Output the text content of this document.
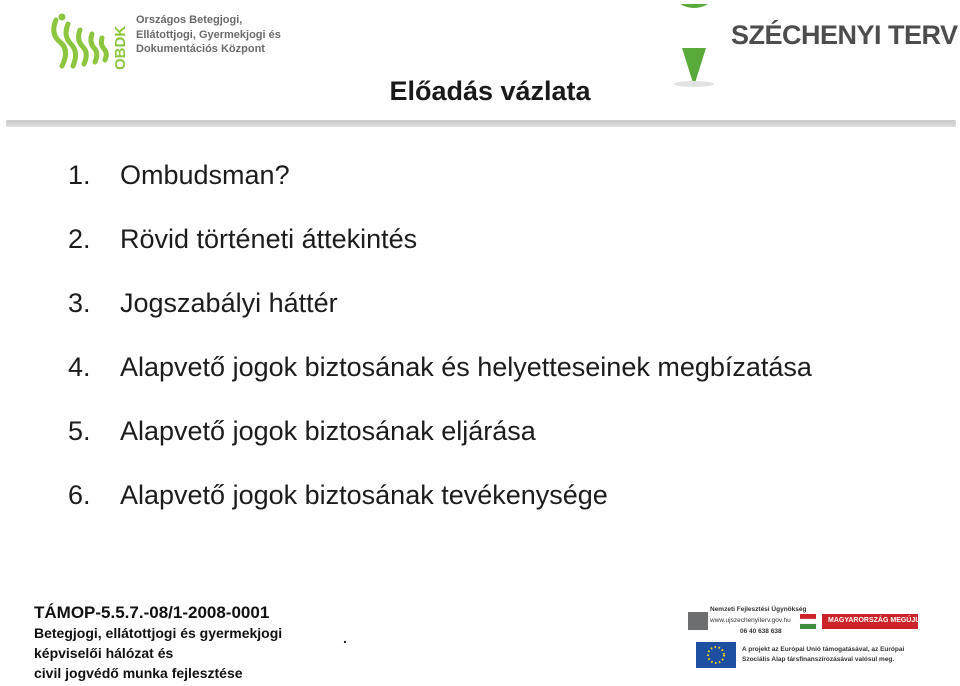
OBDK
Országos Betegjogi,
Ellátottjogi, Gyermekjogi és
Dokumentációs Központ
ÚJ SZÉCHENYI TERV
Előadás vázlata
1. Ombudsman?
2. Rövid történeti áttekintés
3. Jogszabályi háttér
4. Alapvető jogok biztosának és helyetteseinek megbízatása
5. Alapvető jogok biztosának eljárása
6. Alapvető jogok biztosának tevékenysége
TÁMOP-5.5.7.-08/1-2008-0001
Betegjogi, ellátottjogi és gyermekjogi
képviselői hálózat és
civil jogvédő munka fejlesztése
.
Nemzeti Fejlesztési Ügynökség
www.ujszechenyiterv.gov.hu
06 40 638 638
MAGYARORSZÁG MEGÚJUL
A projekt az Európai Unió támogatásával, az Európai
Szociális Alap társfinanszírozásával valósul meg.
